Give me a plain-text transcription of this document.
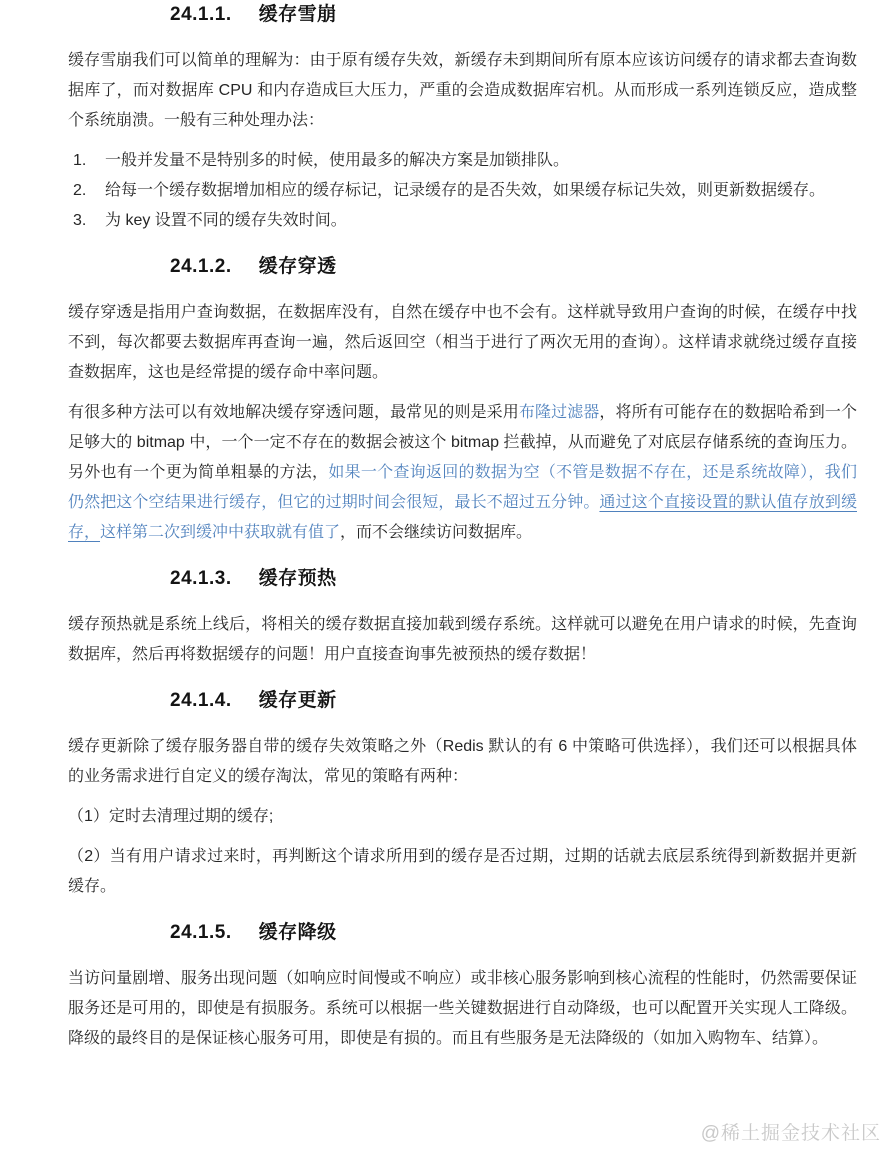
24.1.1. 缓存雪崩

缓存雪崩我们可以简单的理解为：由于原有缓存失效，新缓存未到期间所有原本应该访问缓存的请求都去查询数据库了，而对数据库 CPU 和内存造成巨大压力，严重的会造成数据库宕机。从而形成一系列连锁反应，造成整个系统崩溃。一般有三种处理办法：

1. 一般并发量不是特别多的时候，使用最多的解决方案是加锁排队。
2. 给每一个缓存数据增加相应的缓存标记，记录缓存的是否失效，如果缓存标记失效，则更新数据缓存。
3. 为 key 设置不同的缓存失效时间。
24.1.2. 缓存穿透

缓存穿透是指用户查询数据，在数据库没有，自然在缓存中也不会有。这样就导致用户查询的时候，在缓存中找不到，每次都要去数据库再查询一遍，然后返回空（相当于进行了两次无用的查询）。这样请求就绕过缓存直接查数据库，这也是经常提的缓存命中率问题。

有很多种方法可以有效地解决缓存穿透问题，最常见的则是采用布隆过滤器，将所有可能存在的数据哈希到一个足够大的 bitmap 中，一个一定不存在的数据会被这个 bitmap 拦截掉，从而避免了对底层存储系统的查询压力。另外也有一个更为简单粗暴的方法，如果一个查询返回的数据为空（不管是数据不存在，还是系统故障），我们仍然把这个空结果进行缓存，但它的过期时间会很短，最长不超过五分钟。通过这个直接设置的默认值存放到缓存，这样第二次到缓冲中获取就有值了，而不会继续访问数据库。

24.1.3. 缓存预热

缓存预热就是系统上线后，将相关的缓存数据直接加载到缓存系统。这样就可以避免在用户请求的时候，先查询数据库，然后再将数据缓存的问题！用户直接查询事先被预热的缓存数据！

24.1.4. 缓存更新

缓存更新除了缓存服务器自带的缓存失效策略之外（Redis 默认的有 6 中策略可供选择），我们还可以根据具体的业务需求进行自定义的缓存淘汰，常见的策略有两种：

（1）定时去清理过期的缓存;

（2）当有用户请求过来时，再判断这个请求所用到的缓存是否过期，过期的话就去底层系统得到新数据并更新缓存。

24.1.5. 缓存降级

当访问量剧增、服务出现问题（如响应时间慢或不响应）或非核心服务影响到核心流程的性能时，仍然需要保证服务还是可用的，即使是有损服务。系统可以根据一些关键数据进行自动降级，也可以配置开关实现人工降级。降级的最终目的是保证核心服务可用，即使是有损的。而且有些服务是无法降级的（如加入购物车、结算）。

@稀土掘金技术社区
